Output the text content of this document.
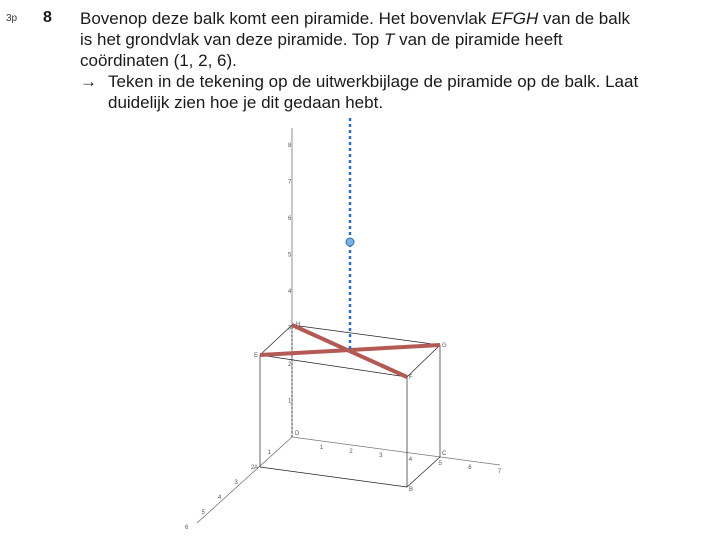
3p 8 Bovenop deze balk komt een piramide. Het bovenvlak EFGH van de balk
is het grondvlak van deze piramide. Top T van de piramide heeft
coördinaten (1, 2, 6).
→ Teken in de tekening op de uitwerkbijlage de piramide op de balk. Laat
duidelijk zien hoe je dit gedaan hebt.
1
2
3
4
5
6
7
8
1
2
3
4
5
6
7
1
2
3
4
5
6
E
F
G
H
A
B
C
D
